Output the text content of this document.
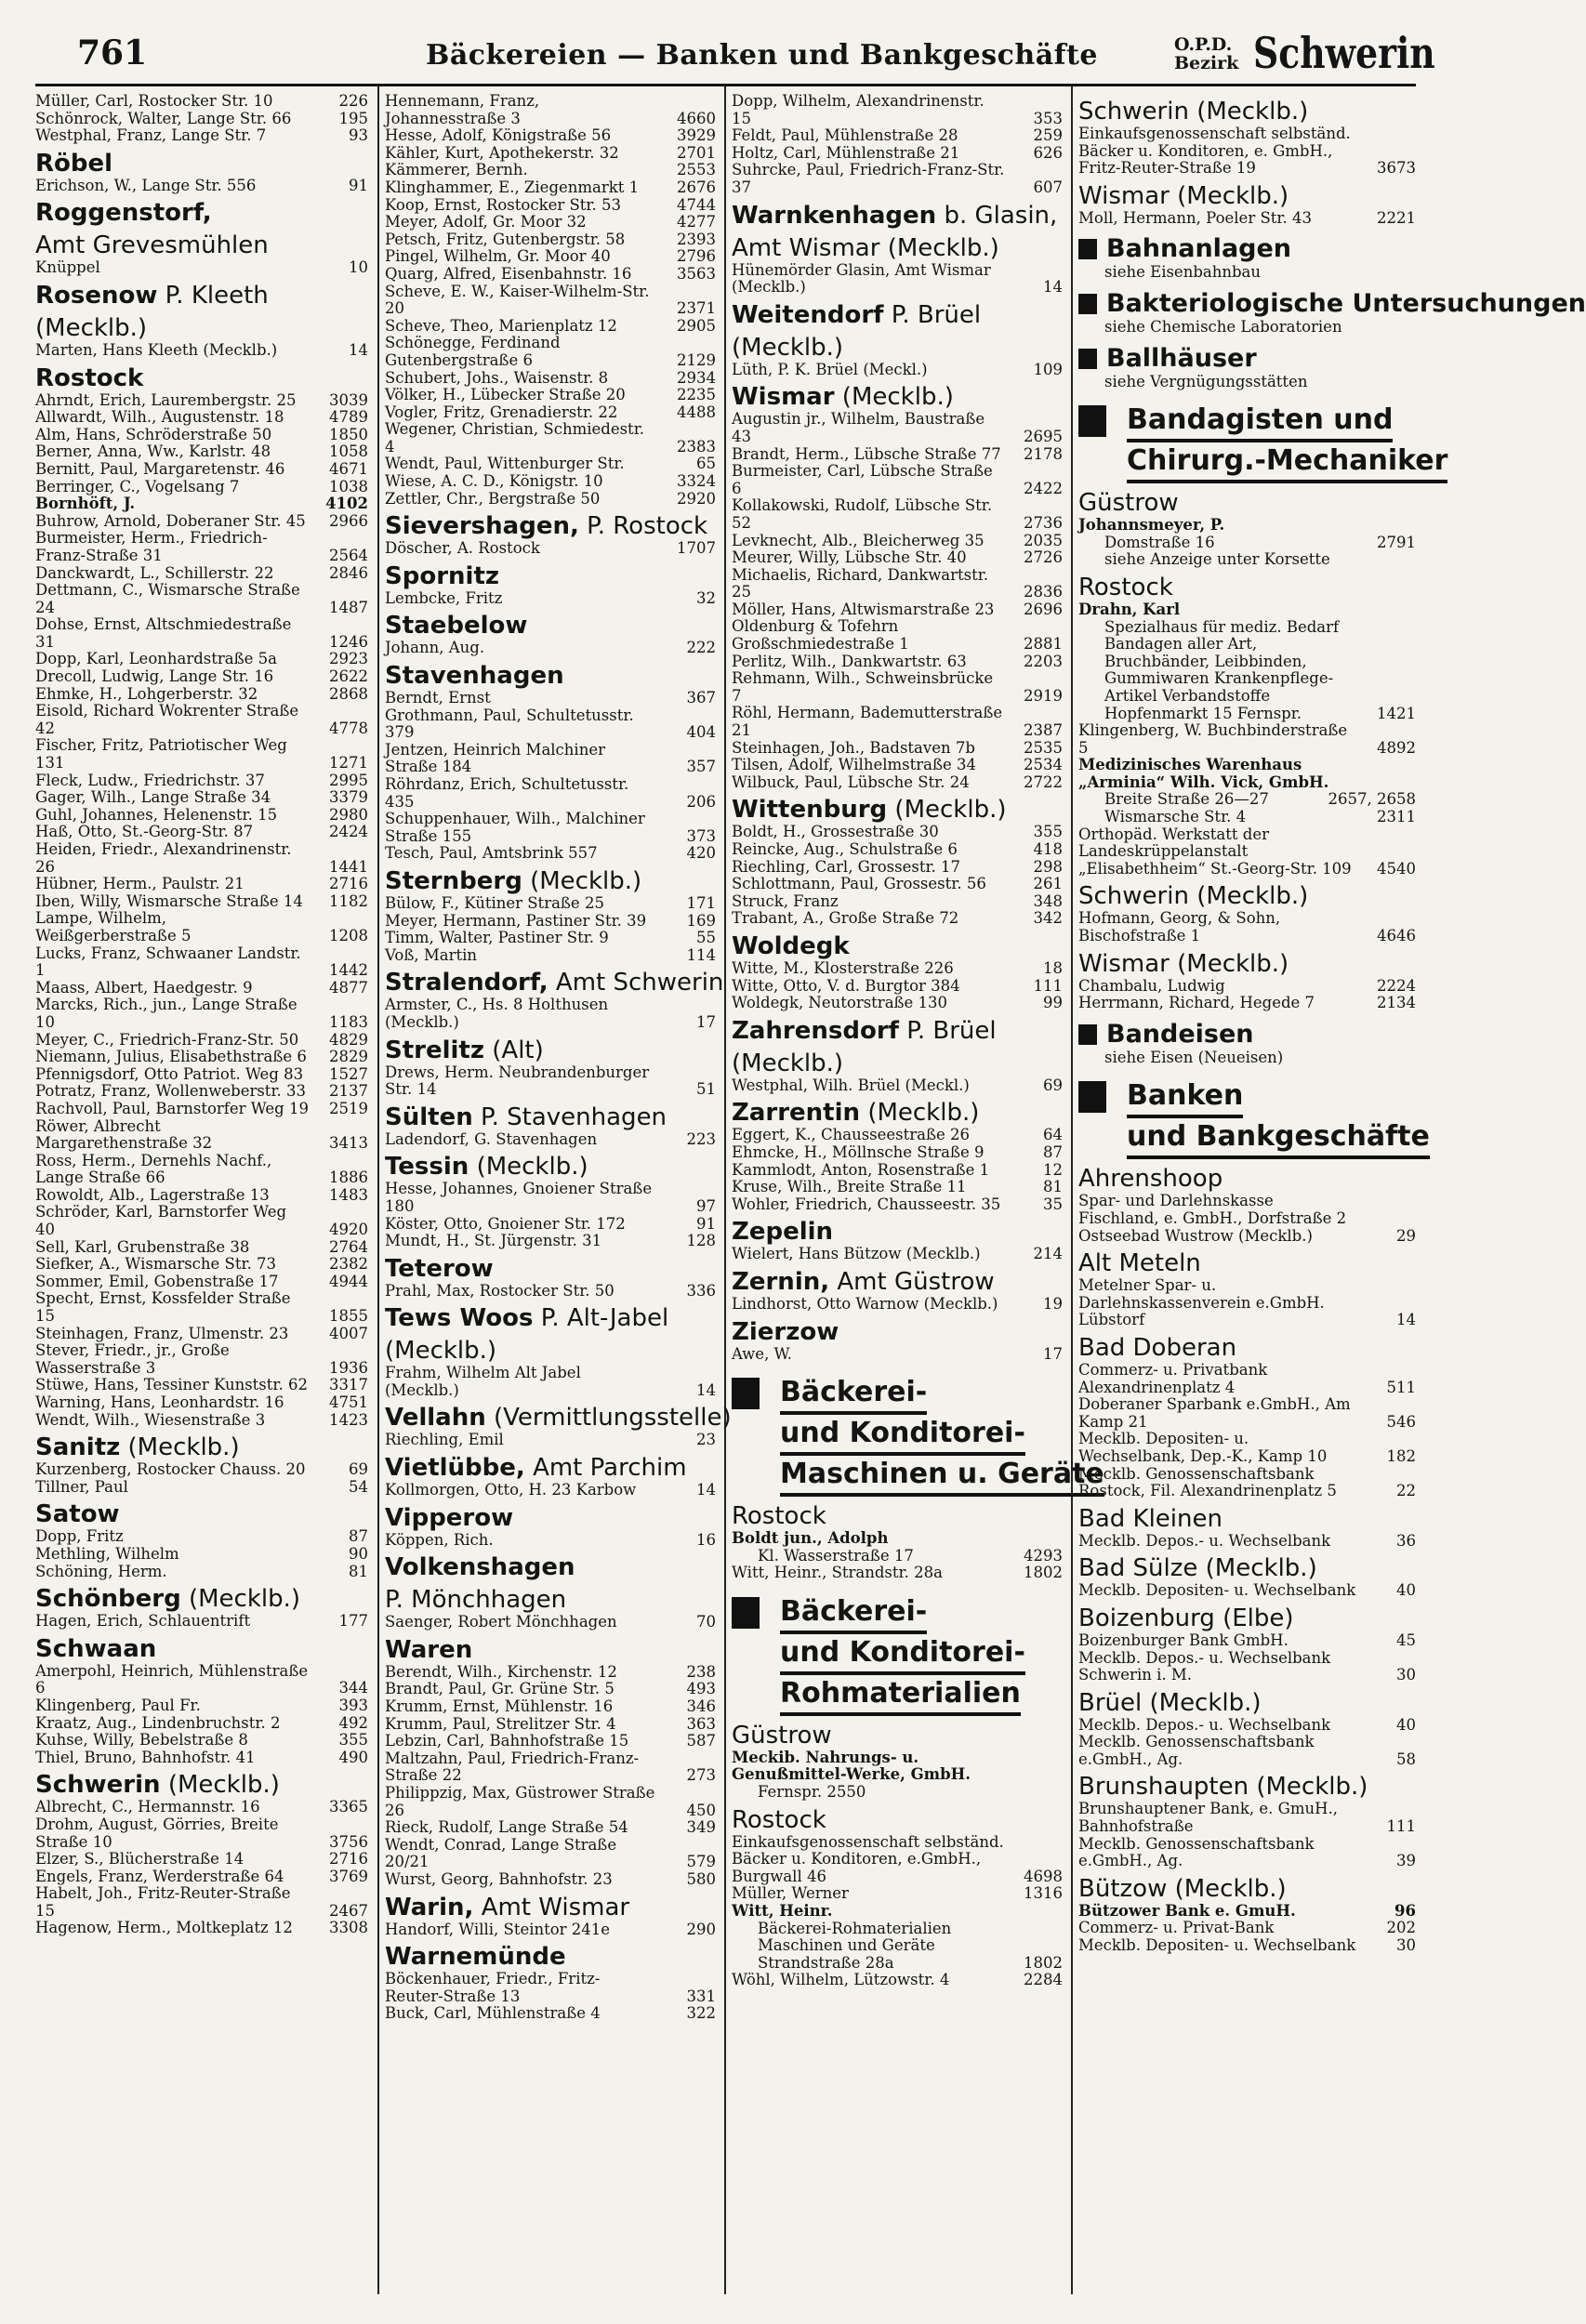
761	Bäckereien — Banken und Bankgeschäfte	O.P.D.
Bezirk Schwerin
Müller, Carl, Rostocker Str. 10	226
Schönrock, Walter, Lange Str. 66	195
Westphal, Franz, Lange Str. 7	93
Röbel
Erichson, W., Lange Str. 556	91
Roggenstorf,
Amt Grevesmühlen
Knüppel	10
Rosenow P. Kleeth
(Mecklb.)
Marten, Hans Kleeth (Mecklb.)	14
Rostock
Ahrndt, Erich, Laurembergstr. 25 3039
Allwardt, Wilh., Augustenstr. 18	4789
Alm, Hans, Schröderstraße 50	1850
Berner, Anna, Ww., Karlstr. 48	1058
Bernitt, Paul, Margaretenstr. 46	4671
Berringer, C., Vogelsang 7	1038
Bornhöft, J.	4102
Buhrow, Arnold, Doberaner Str. 45 2966
Burmeister, Herm., Friedrich-Franz-Straße 31	2564
Danckwardt, L., Schillerstr. 22	2846
Dettmann, C., Wismarsche Straße 24	1487
Dohse, Ernst, Altschmiedestraße 31	1246
Dopp, Karl, Leonhardstraße 5a	2923
Drecoll, Ludwig, Lange Str. 16	2622
Ehmke, H., Lohgerberstr. 32	2868
Eisold, Richard Wokrenter Straße 42	4778
Fischer, Fritz, Patriotischer Weg 131	1271
Fleck, Ludw., Friedrichstr. 37	2995
Gager, Wilh., Lange Straße 34	3379
Guhl, Johannes, Helenenstr. 15	2980
Haß, Otto, St.-Georg-Str. 87	2424
Heiden, Friedr., Alexandrinenstr. 26	1441
Hübner, Herm., Paulstr. 21	2716
Iben, Willy, Wismarsche Straße 14 1182
Lampe, Wilhelm, Weißgerberstraße 5	1208
Lucks, Franz, Schwaaner Landstr. 1	1442
Maass, Albert, Haedgestr. 9	4877
Marcks, Rich., jun., Lange Straße 10	1183
Meyer, C., Friedrich-Franz-Str. 50 4829
Niemann, Julius, Elisabethstraße 6 2829
Pfennigsdorf, Otto Patriot. Weg 83 1527
Potratz, Franz, Wollenweberstr. 33 2137
Rachvoll, Paul, Barnstorfer Weg 19 2519
Röwer, Albrecht Margarethenstraße 32	3413
Ross, Herm., Dernehls Nachf., Lange Straße 66	1886
Rowoldt, Alb., Lagerstraße 13	1483
Schröder, Karl, Barnstorfer Weg 40	4920
Sell, Karl, Grubenstraße 38	2764
Siefker, A., Wismarsche Str. 73	2382
Sommer, Emil, Gobenstraße 17	4944
Specht, Ernst, Kossfelder Straße 15	1855
Steinhagen, Franz, Ulmenstr. 23	4007
Stever, Friedr., jr., Große Wasserstraße 3	1936
Stüwe, Hans, Tessiner Kunststr. 62 3317
Warning, Hans, Leonhardstr. 16	4751
Wendt, Wilh., Wiesenstraße 3	1423
Sanitz (Mecklb.)
Kurzenberg, Rostocker Chauss. 20	69
Tillner, Paul	54
Satow
Dopp, Fritz	87
Methling, Wilhelm	90
Schöning, Herm.	81
Schönberg (Mecklb.)
Hagen, Erich, Schlauentrift	177
Schwaan
Amerpohl, Heinrich, Mühlenstraße 6	344
Klingenberg, Paul Fr.	393
Kraatz, Aug., Lindenbruchstr. 2	492
Kuhse, Willy, Bebelstraße 8	355
Thiel, Bruno, Bahnhofstr. 41	490
Schwerin (Mecklb.)
Albrecht, C., Hermannstr. 16	3365
Drohm, August, Görries, Breite Straße 10	3756
Elzer, S., Blücherstraße 14	2716
Engels, Franz, Werderstraße 64	3769
Habelt, Joh., Fritz-Reuter-Straße 15	2467
Hagenow, Herm., Moltkeplatz 12 3308
Hennemann, Franz, Johannesstraße 3	4660
Hesse, Adolf, Königstraße 56	3929
Kähler, Kurt, Apothekerstr. 32	2701
Kämmerer, Bernh.	2553
Klinghammer, E., Ziegenmarkt 1 2676
Koop, Ernst, Rostocker Str. 53	4744
Meyer, Adolf, Gr. Moor 32	4277
Petsch, Fritz, Gutenbergstr. 58	2393
Pingel, Wilhelm, Gr. Moor 40	2796
Quarg, Alfred, Eisenbahnstr. 16	3563
Scheve, E. W., Kaiser-Wilhelm-Str. 20	2371
Scheve, Theo, Marienplatz 12	2905
Schönegge, Ferdinand Gutenbergstraße 6	2129
Schubert, Johs., Waisenstr. 8	2934
Völker, H., Lübecker Straße 20	2235
Vogler, Fritz, Grenadierstr. 22	4488
Wegener, Christian, Schmiedestr. 4	2383
Wendt, Paul, Wittenburger Str.	65
Wiese, A. C. D., Königstr. 10	3324
Zettler, Chr., Bergstraße 50	2920
Sievershagen, P. Rostock
Döscher, A. Rostock	1707
Spornitz
Lembcke, Fritz	32
Staebelow
Johann, Aug.	222
Stavenhagen
Berndt, Ernst	367
Grothmann, Paul, Schultetusstr. 379	404
Jentzen, Heinrich Malchiner Straße 184	357
Röhrdanz, Erich, Schultetusstr. 435	206
Schuppenhauer, Wilh., Malchiner Straße 155	373
Tesch, Paul, Amtsbrink 557	420
Sternberg (Mecklb.)
Bülow, F., Kütiner Straße 25	171
Meyer, Hermann, Pastiner Str. 39	169
Timm, Walter, Pastiner Str. 9	55
Voß, Martin	114
Stralendorf, Amt Schwerin
Armster, C., Hs. 8 Holthusen (Mecklb.)	17
Strelitz (Alt)
Drews, Herm. Neubrandenburger Str. 14	51
Sülten P. Stavenhagen
Ladendorf, G. Stavenhagen	223
Tessin (Mecklb.)
Hesse, Johannes, Gnoiener Straße 180	97
Köster, Otto, Gnoiener Str. 172	91
Mundt, H., St. Jürgenstr. 31	128
Teterow
Prahl, Max, Rostocker Str. 50	336
Tews Woos P. Alt-Jabel
(Mecklb.)
Frahm, Wilhelm Alt Jabel (Mecklb.)	14
Vellahn (Vermittlungsstelle)
Riechling, Emil	23
Vietlübbe, Amt Parchim
Kollmorgen, Otto, H. 23 Karbow	14
Vipperow
Köppen, Rich.	16
Volkenshagen
P. Mönchhagen
Saenger, Robert Mönchhagen	70
Waren
Berendt, Wilh., Kirchenstr. 12	238
Brandt, Paul, Gr. Grüne Str. 5	493
Krumm, Ernst, Mühlenstr. 16	346
Krumm, Paul, Strelitzer Str. 4	363
Lebzin, Carl, Bahnhofstraße 15	587
Maltzahn, Paul, Friedrich-Franz-Straße 22	273
Philippzig, Max, Güstrower Straße 26	450
Rieck, Rudolf, Lange Straße 54	349
Wendt, Conrad, Lange Straße 20/21	579
Wurst, Georg, Bahnhofstr. 23	580
Warin, Amt Wismar
Handorf, Willi, Steintor 241e	290
Warnemünde
Böckenhauer, Friedr., Fritz-Reuter-Straße 13	331
Buck, Carl, Mühlenstraße 4	322
Dopp, Wilhelm, Alexandrinenstr. 15	353
Feldt, Paul, Mühlenstraße 28	259
Holtz, Carl, Mühlenstraße 21	626
Suhrcke, Paul, Friedrich-Franz-Str. 37	607
Warnkenhagen b. Glasin,
Amt Wismar (Mecklb.)
Hünemörder Glasin, Amt Wismar (Mecklb.)	14
Weitendorf P. Brüel
(Mecklb.)
Lüth, P. K. Brüel (Meckl.)	109
Wismar (Mecklb.)
Augustin jr., Wilhelm, Baustraße 43	2695
Brandt, Herm., Lübsche Straße 77 2178
Burmeister, Carl, Lübsche Straße 6	2422
Kollakowski, Rudolf, Lübsche Str. 52	2736
Levknecht, Alb., Bleicherweg 35	2035
Meurer, Willy, Lübsche Str. 40	2726
Michaelis, Richard, Dankwartstr. 25	2836
Möller, Hans, Altwismarstraße 23 2696
Oldenburg & Tofehrn Großschmiedestraße 1	2881
Perlitz, Wilh., Dankwartstr. 63	2203
Rehmann, Wilh., Schweinsbrücke 7	2919
Röhl, Hermann, Bademutterstraße 21	2387
Steinhagen, Joh., Badstaven 7b	2535
Tilsen, Adolf, Wilhelmstraße 34	2534
Wilbuck, Paul, Lübsche Str. 24	2722
Wittenburg (Mecklb.)
Boldt, H., Grossestraße 30	355
Reincke, Aug., Schulstraße 6	418
Riechling, Carl, Grossestr. 17	298
Schlottmann, Paul, Grossestr. 56	261
Struck, Franz	348
Trabant, A., Große Straße 72	342
Woldegk
Witte, M., Klosterstraße 226	18
Witte, Otto, V. d. Burgtor 384	111
Woldegk, Neutorstraße 130	99
Zahrensdorf P. Brüel
(Mecklb.)
Westphal, Wilh. Brüel (Meckl.)	69
Zarrentin (Mecklb.)
Eggert, K., Chausseestraße 26	64
Ehmcke, H., Möllnsche Straße 9	87
Kammlodt, Anton, Rosenstraße 1	12
Kruse, Wilh., Breite Straße 11	81
Wohler, Friedrich, Chausseestr. 35	35
Zepelin
Wielert, Hans Bützow (Mecklb.)	214
Zernin, Amt Güstrow
Lindhorst, Otto Warnow (Mecklb.)	19
Zierzow
Awe, W.	17
Bäckerei-
und Konditorei-
Maschinen u. Geräte
Rostock
Boldt jun., Adolph
Kl. Wasserstraße 17	4293
Witt, Heinr., Strandstr. 28a	1802
Bäckerei-
und Konditorei-
Rohmaterialien
Güstrow
Meckib. Nahrungs- u. Genußmittel-Werke, GmbH.
Fernspr. 2550
Rostock
Einkaufsgenossenschaft selbständ. Bäcker u. Konditoren, e.GmbH., Burgwall 46	4698
Müller, Werner	1316
Witt, Heinr.
Bäckerei-Rohmaterialien Maschinen und Geräte Strandstraße 28a	1802
Wöhl, Wilhelm, Lützowstr. 4	2284
Schwerin (Mecklb.)
Einkaufsgenossenschaft selbständ. Bäcker u. Konditoren, e. GmbH., Fritz-Reuter-Straße 19	3673
Wismar (Mecklb.)
Moll, Hermann, Poeler Str. 43	2221
Bahnanlagen
siehe Eisenbahnbau
Bakteriologische Untersuchungen
siehe Chemische Laboratorien
Ballhäuser
siehe Vergnügungsstätten
Bandagisten und
Chirurg.-Mechaniker
Güstrow
Johannsmeyer, P.
Domstraße 16	2791
siehe Anzeige unter Korsette
Rostock
Drahn, Karl
Spezialhaus für mediz. Bedarf Bandagen aller Art, Bruchbänder, Leibbinden, Gummiwaren Krankenpflege-Artikel Verbandstoffe Hopfenmarkt 15 Fernspr.	1421
Klingenberg, W. Buchbinderstraße 5	4892
Medizinisches Warenhaus „Arminia“ Wilh. Vick, GmbH.
Breite Straße 26—27	2657, 2658
Wismarsche Str. 4	2311
Orthopäd. Werkstatt der Landeskrüppelanstalt „Elisabethheim“ St.-Georg-Str. 109 4540
Schwerin (Mecklb.)
Hofmann, Georg, & Sohn, Bischofstraße 1	4646
Wismar (Mecklb.)
Chambalu, Ludwig	2224
Herrmann, Richard, Hegede 7	2134
Bandeisen
siehe Eisen (Neueisen)
Banken
und Bankgeschäfte
Ahrenshoop
Spar- und Darlehnskasse Fischland, e. GmbH., Dorfstraße 2 Ostseebad Wustrow (Mecklb.)	29
Alt Meteln
Metelner Spar- u. Darlehnskassenverein e.GmbH. Lübstorf	14
Bad Doberan
Commerz- u. Privatbank Alexandrinenplatz 4	511
Doberaner Sparbank e.GmbH., Am Kamp 21	546
Mecklb. Depositen- u. Wechselbank, Dep.-K., Kamp 10	182
Mecklb. Genossenschaftsbank Rostock, Fil. Alexandrinenplatz 5	22
Bad Kleinen
Mecklb. Depos.- u. Wechselbank	36
Bad Sülze (Mecklb.)
Mecklb. Depositen- u. Wechselbank	40
Boizenburg (Elbe)
Boizenburger Bank GmbH.	45
Mecklb. Depos.- u. Wechselbank Schwerin i. M.	30
Brüel (Mecklb.)
Mecklb. Depos.- u. Wechselbank	40
Mecklb. Genossenschaftsbank e.GmbH., Ag.	58
Brunshaupten (Mecklb.)
Brunshauptener Bank, e. GmuH., Bahnhofstraße	111
Mecklb. Genossenschaftsbank e.GmbH., Ag.	39
Bützow (Mecklb.)
Bützower Bank e. GmuH.	96
Commerz- u. Privat-Bank	202
Mecklb. Depositen- u. Wechselbank	30
